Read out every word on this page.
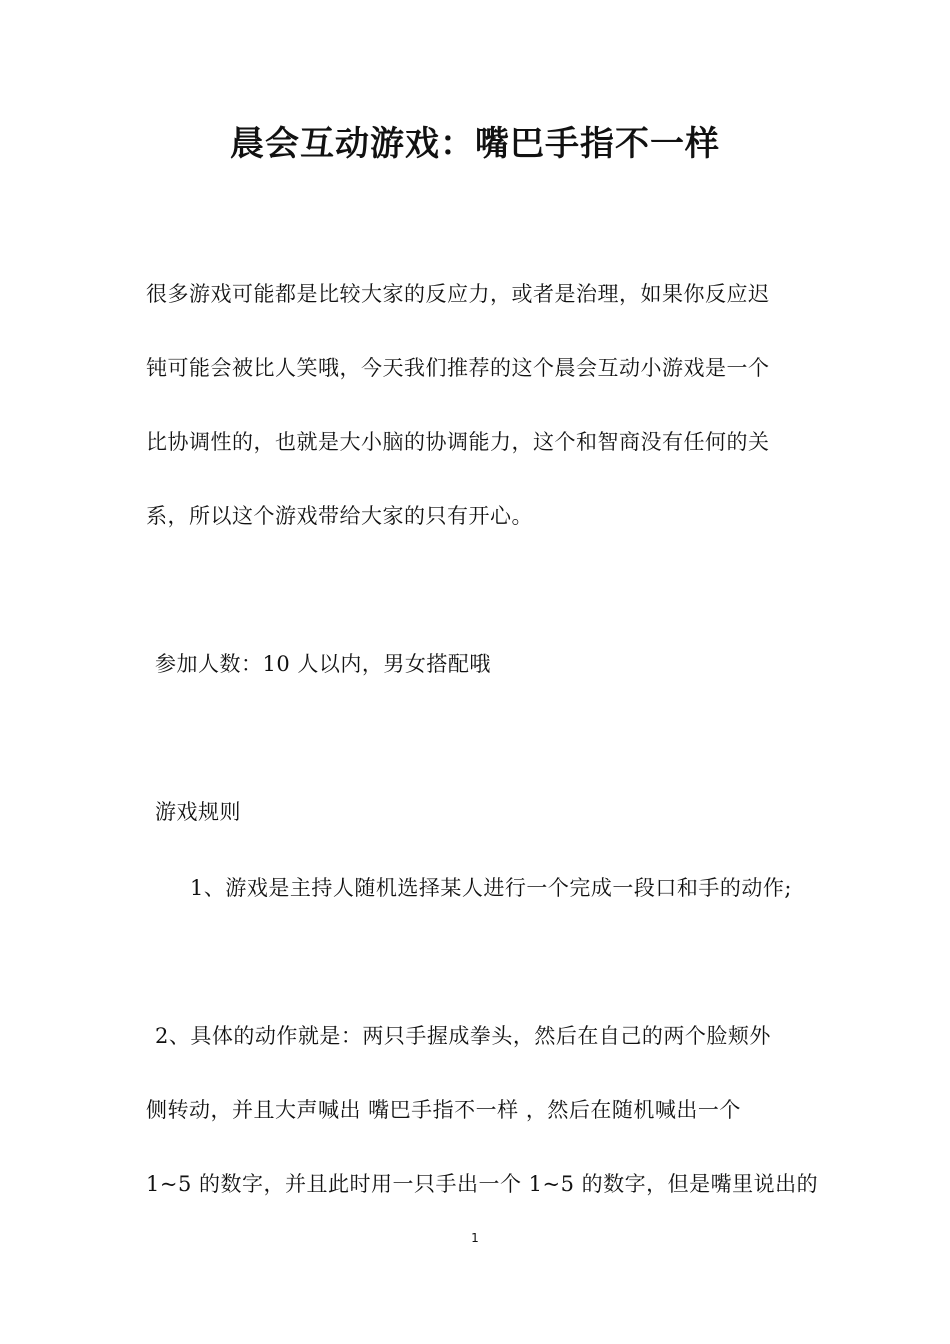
晨会互动游戏：嘴巴手指不一样
很多游戏可能都是比较大家的反应力，或者是治理，如果你反应迟
钝可能会被比人笑哦，今天我们推荐的这个晨会互动小游戏是一个
比协调性的，也就是大小脑的协调能力，这个和智商没有任何的关
系，所以这个游戏带给大家的只有开心。
参加人数：10 人以内，男女搭配哦
游戏规则
1、游戏是主持人随机选择某人进行一个完成一段口和手的动作;
2、具体的动作就是：两只手握成拳头，然后在自己的两个脸颊外
侧转动，并且大声喊出 嘴巴手指不一样 ，然后在随机喊出一个
1~5 的数字，并且此时用一只手出一个 1~5 的数字，但是嘴里说出的
1
